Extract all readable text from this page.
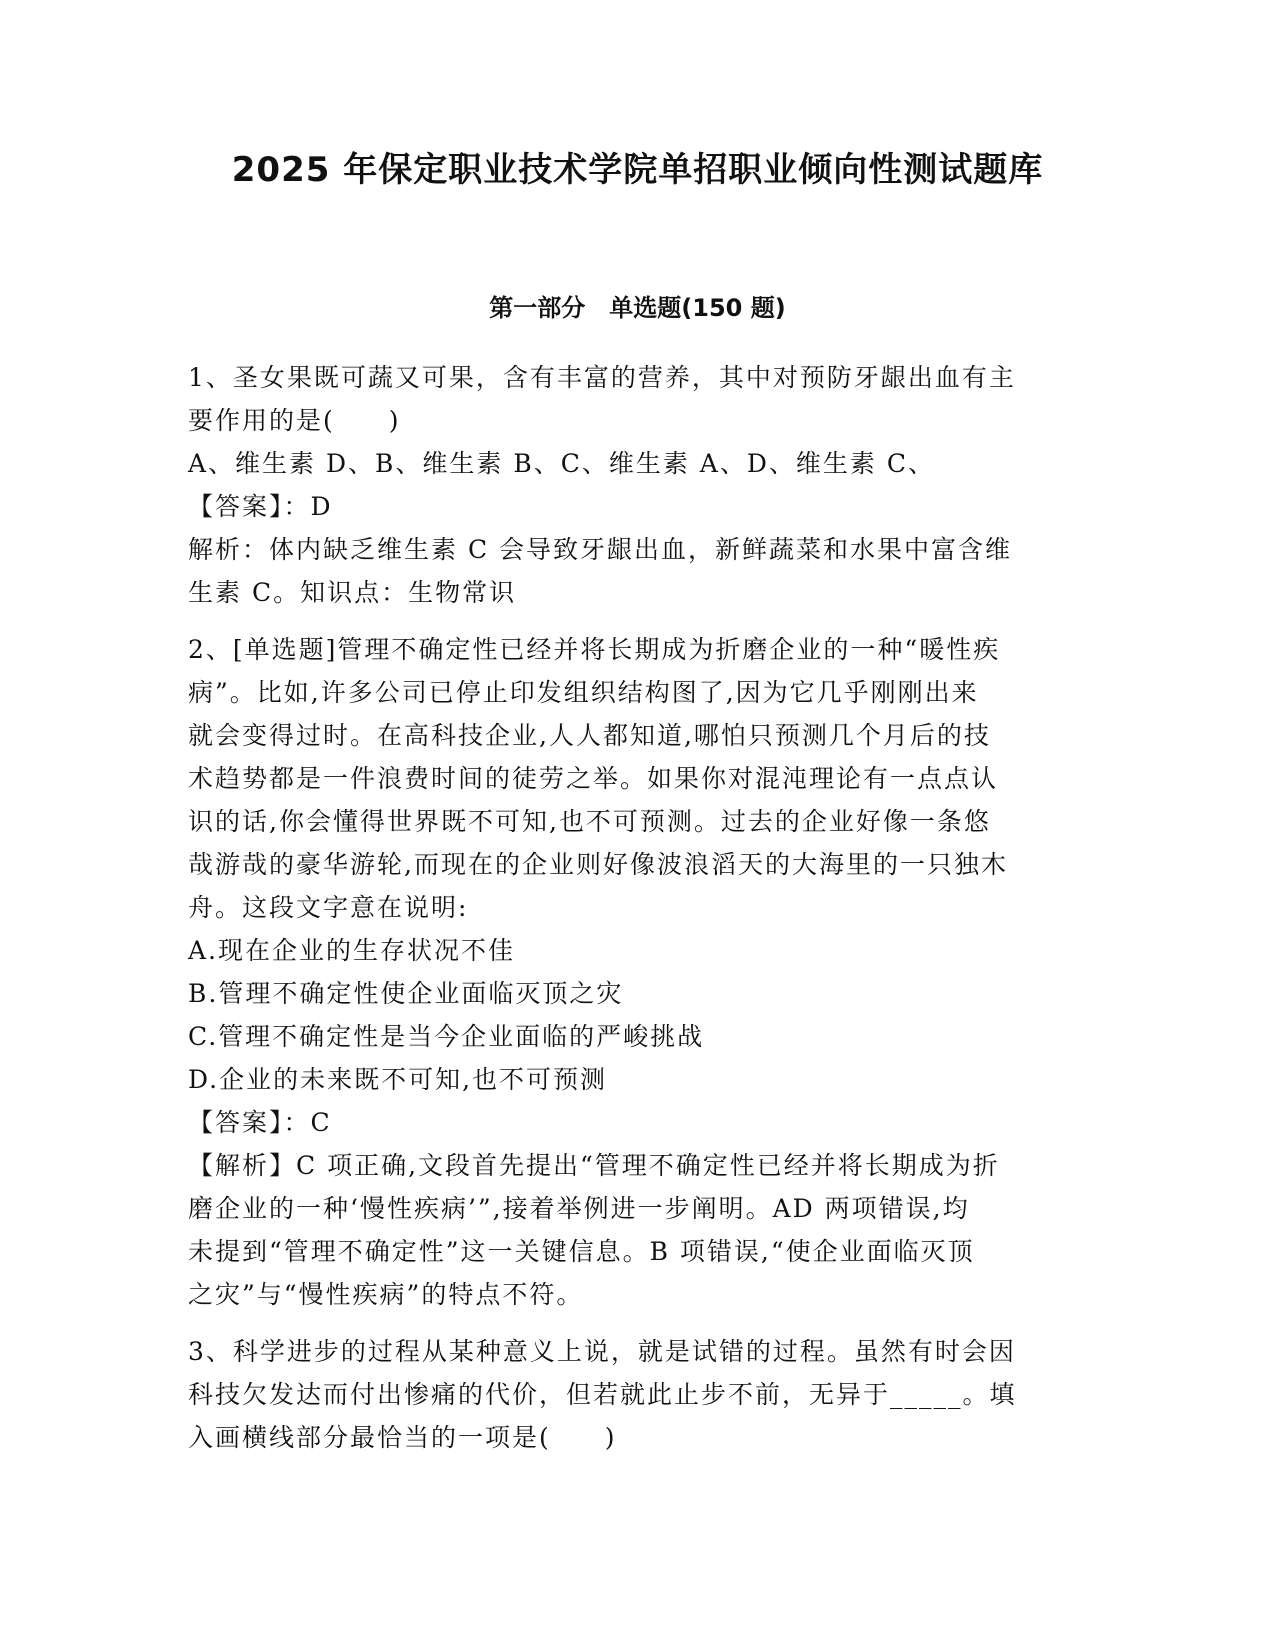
2025 年保定职业技术学院单招职业倾向性测试题库
第一部分　单选题(150 题)
1、圣女果既可蔬又可果，含有丰富的营养，其中对预防牙龈出血有主
要作用的是(　　)
A、维生素 D、B、维生素 B、C、维生素 A、D、维生素 C、
【答案】：D
解析：体内缺乏维生素 C 会导致牙龈出血，新鲜蔬菜和水果中富含维
生素 C。知识点：生物常识
2、[单选题]管理不确定性已经并将长期成为折磨企业的一种“暖性疾
病”。比如,许多公司已停止印发组织结构图了,因为它几乎刚刚出来
就会变得过时。在高科技企业,人人都知道,哪怕只预测几个月后的技
术趋势都是一件浪费时间的徒劳之举。如果你对混沌理论有一点点认
识的话,你会懂得世界既不可知,也不可预测。过去的企业好像一条悠
哉游哉的豪华游轮,而现在的企业则好像波浪滔天的大海里的一只独木
舟。这段文字意在说明:
A.现在企业的生存状况不佳
B.管理不确定性使企业面临灭顶之灾
C.管理不确定性是当今企业面临的严峻挑战
D.企业的未来既不可知,也不可预测
【答案】：C
【解析】C 项正确,文段首先提出“管理不确定性已经并将长期成为折
磨企业的一种‘慢性疾病’”,接着举例进一步阐明。AD 两项错误,均
未提到“管理不确定性”这一关键信息。B 项错误,“使企业面临灭顶
之灾”与“慢性疾病”的特点不符。
3、科学进步的过程从某种意义上说，就是试错的过程。虽然有时会因
科技欠发达而付出惨痛的代价，但若就此止步不前，无异于_____。填
入画横线部分最恰当的一项是(　　)
